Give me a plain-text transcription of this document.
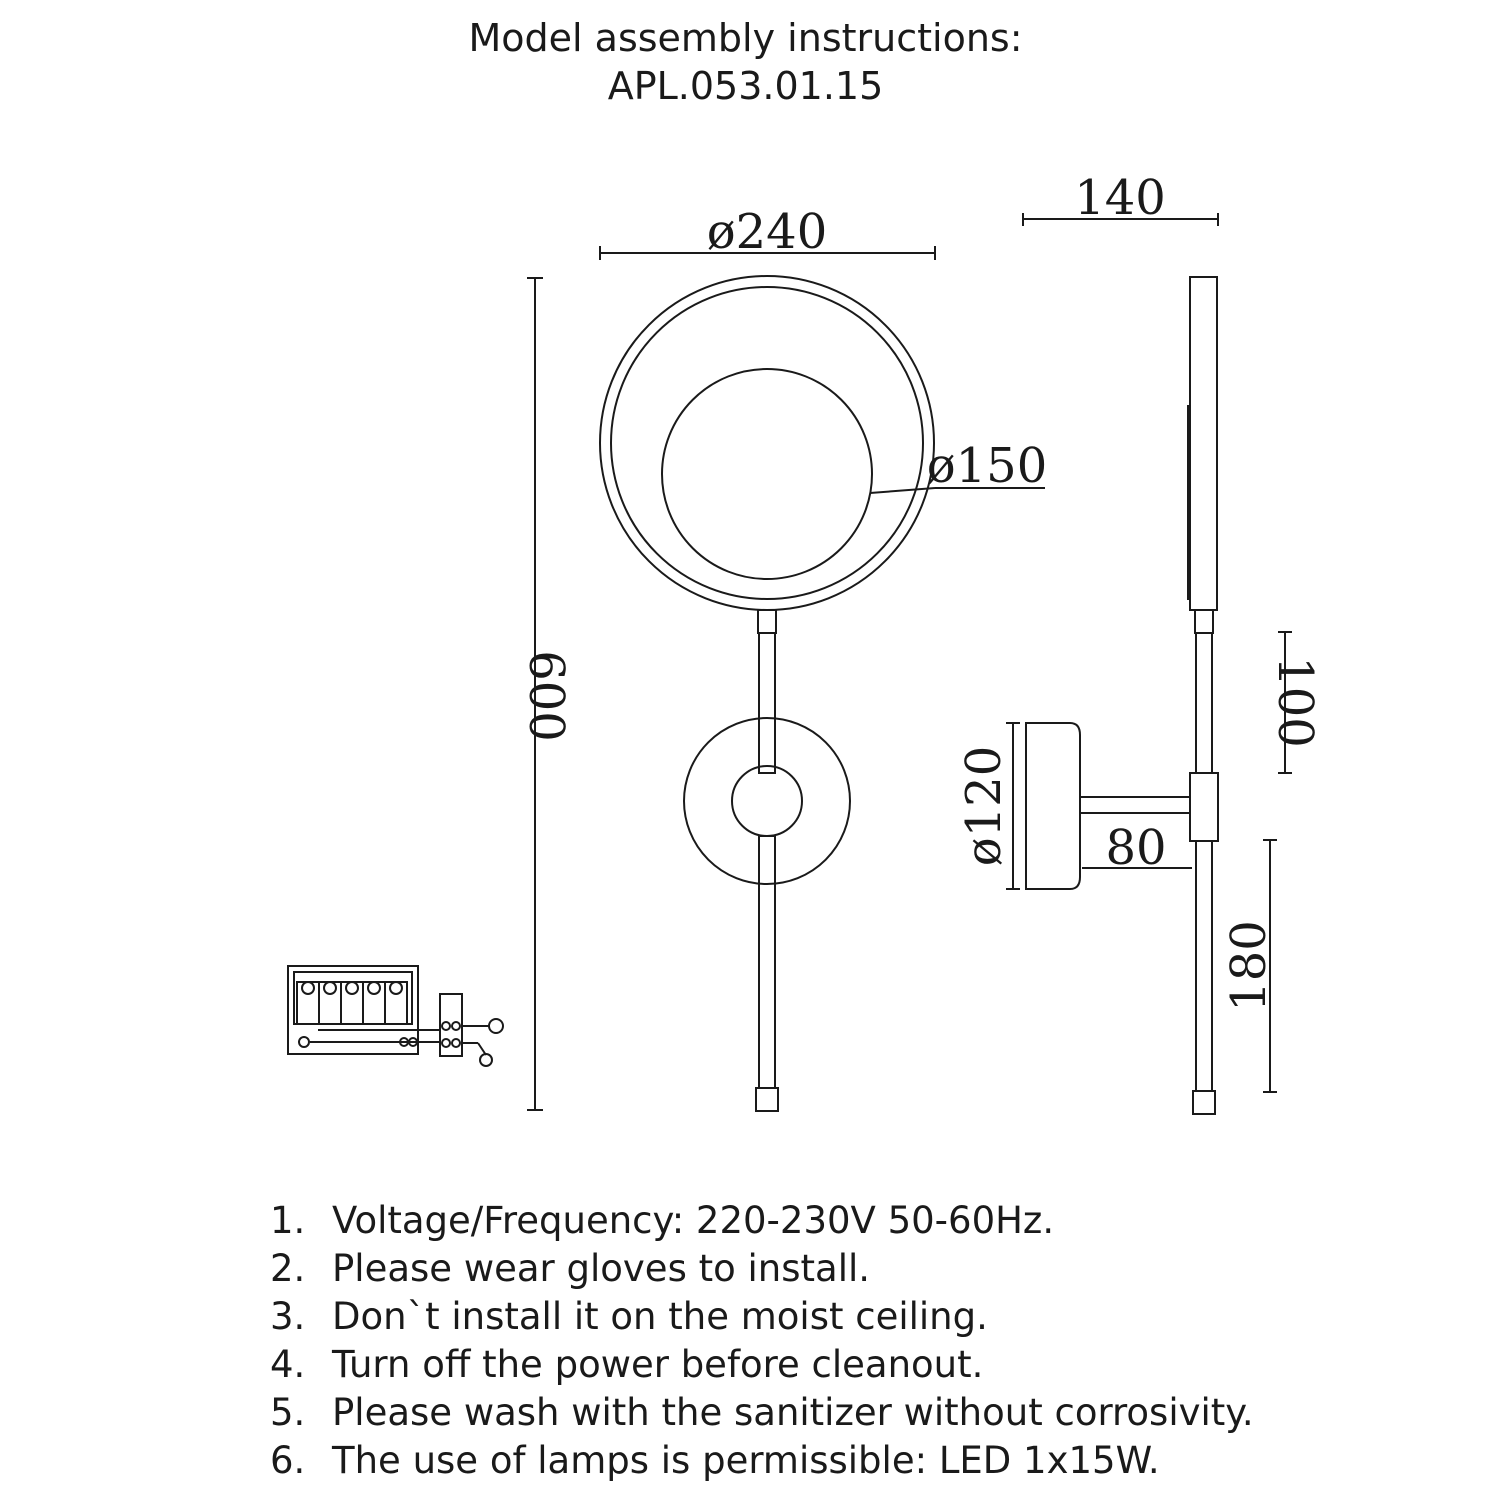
Model assembly instructions:
APL.053.01.15
ø240
140
ø150
600	100
ø120 80
180
1. Voltage/Frequency: 220-230V 50-60Hz.
2. Please wear gloves to install.
3. Don`t install it on the moist ceiling.
4. Turn off the power before cleanout.
5. Please wash with the sanitizer without corrosivity.
6. The use of lamps is permissible: LED 1x15W.
